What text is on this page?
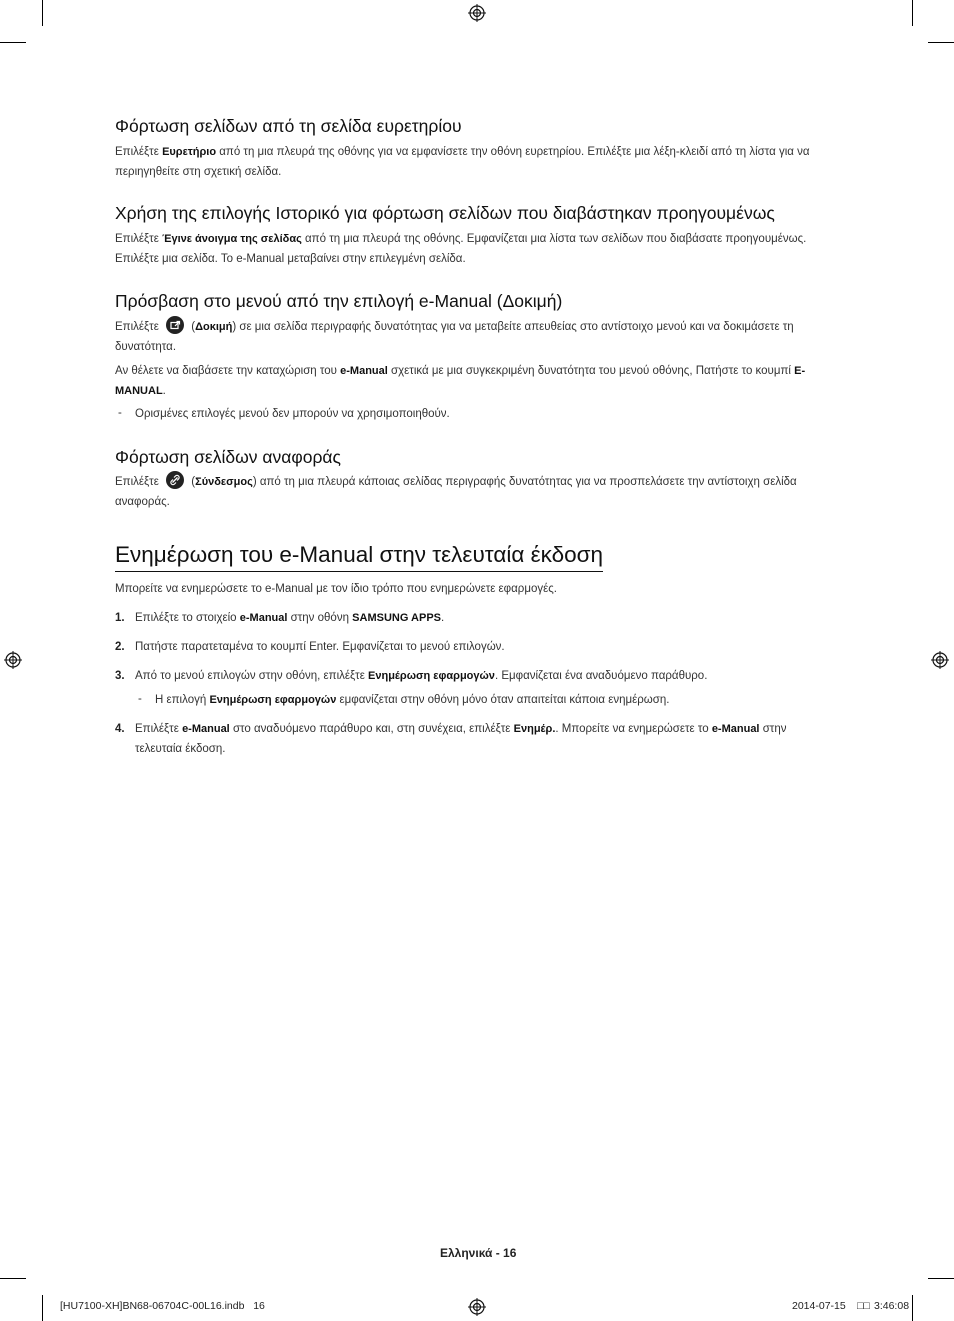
Φόρτωση σελίδων από τη σελίδα ευρετηρίου
Επιλέξτε Ευρετήριο από τη μια πλευρά της οθόνης για να εμφανίσετε την οθόνη ευρετηρίου. Επιλέξτε μια λέξη-κλειδί από τη λίστα για να περιηγηθείτε στη σχετική σελίδα.
Χρήση της επιλογής Ιστορικό για φόρτωση σελίδων που διαβάστηκαν προηγουμένως
Επιλέξτε Έγινε άνοιγμα της σελίδας από τη μια πλευρά της οθόνης. Εμφανίζεται μια λίστα των σελίδων που διαβάσατε προηγουμένως. Επιλέξτε μια σελίδα. Το e-Manual μεταβαίνει στην επιλεγμένη σελίδα.
Πρόσβαση στο μενού από την επιλογή e-Manual (Δοκιμή)
Επιλέξτε
(Δοκιμή) σε μια σελίδα περιγραφής δυνατότητας για να μεταβείτε απευθείας στο αντίστοιχο μενού και να δοκιμάσετε τη δυνατότητα.
Αν θέλετε να διαβάσετε την καταχώριση του e-Manual σχετικά με μια συγκεκριμένη δυνατότητα του μενού οθόνης, Πατήστε το κουμπί E-MANUAL.
- Ορισμένες επιλογές μενού δεν μπορούν να χρησιμοποιηθούν.
Φόρτωση σελίδων αναφοράς
Επιλέξτε
(Σύνδεσμος) από τη μια πλευρά κάποιας σελίδας περιγραφής δυνατότητας για να προσπελάσετε την αντίστοιχη σελίδα αναφοράς.
Ενημέρωση του e-Manual στην τελευταία έκδοση
Μπορείτε να ενημερώσετε το e-Manual με τον ίδιο τρόπο που ενημερώνετε εφαρμογές.
1. Επιλέξτε το στοιχείο e-Manual στην οθόνη SAMSUNG APPS.
2. Πατήστε παρατεταμένα το κουμπί Enter. Εμφανίζεται το μενού επιλογών.
3. Από το μενού επιλογών στην οθόνη, επιλέξτε Ενημέρωση εφαρμογών. Εμφανίζεται ένα αναδυόμενο παράθυρο.
- Η επιλογή Ενημέρωση εφαρμογών εμφανίζεται στην οθόνη μόνο όταν απαιτείται κάποια ενημέρωση.
4. Επιλέξτε e-Manual στο αναδυόμενο παράθυρο και, στη συνέχεια, επιλέξτε Ενημέρ.. Μπορείτε να ενημερώσετε το e-Manual στην τελευταία έκδοση.
Ελληνικά - 16
[HU7100-XH]BN68-06704C-00L16.indb   16	2014-07-15 □□ 3:46:08
